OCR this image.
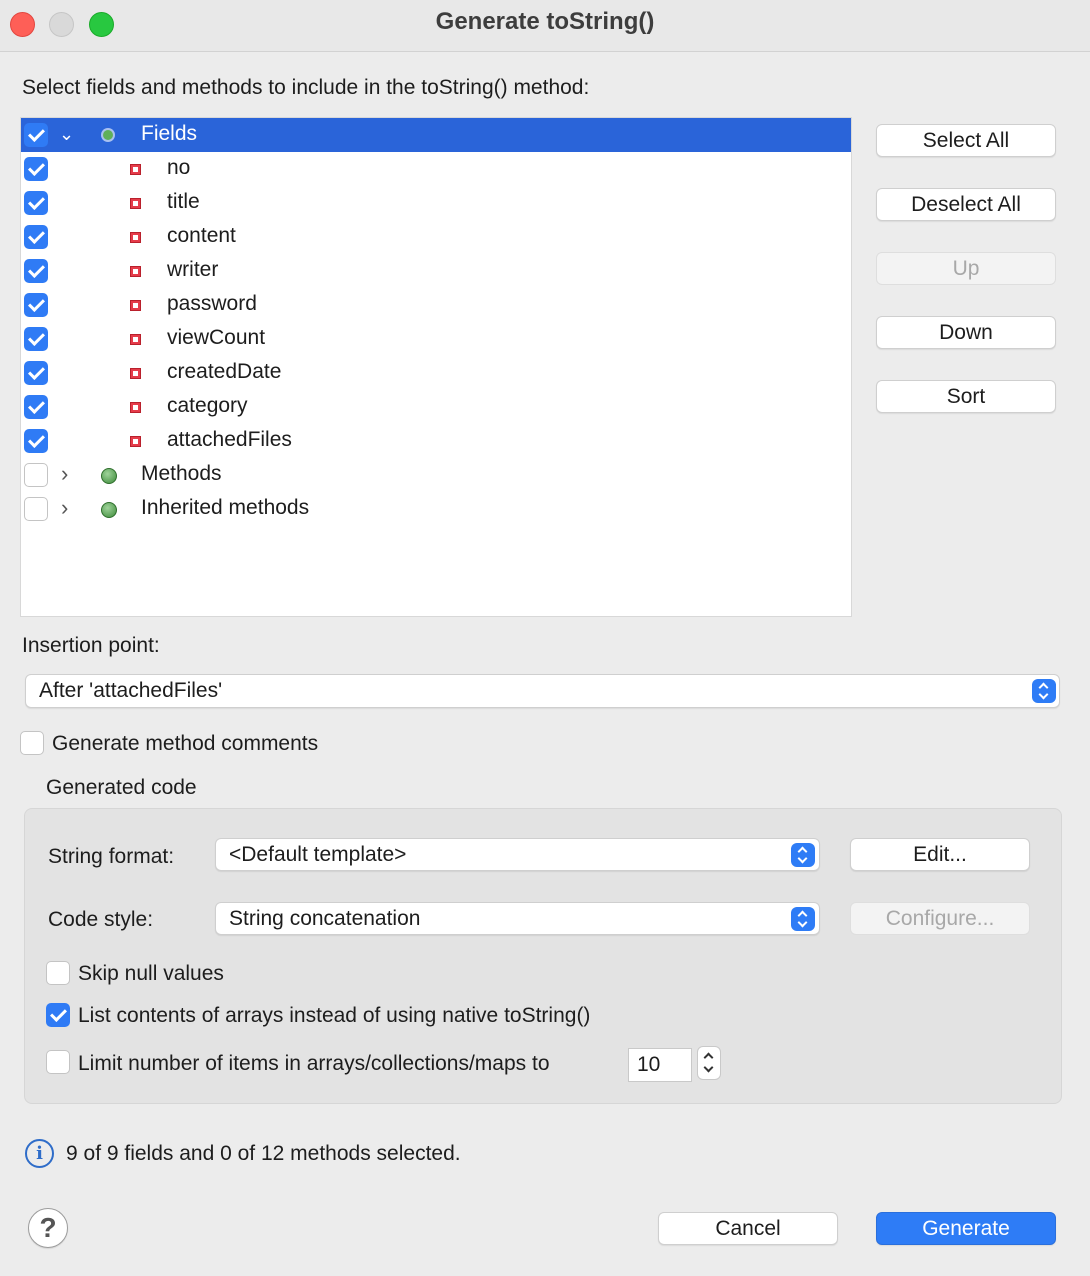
Generate toString()
Select fields and methods to include in the toString() method:
⌄	Fields
no
title
content
writer
password
viewCount
createdDate
category
attachedFiles
›	Methods
›	Inherited methods
Select All
Deselect All
Up
Down
Sort
Insertion point:
After 'attachedFiles'
Generate method comments
Generated code
String format:	<Default template>	Edit...
Code style:	String concatenation	Configure...
Skip null values
List contents of arrays instead of using native toString()
Limit number of items in arrays/collections/maps to	10
i	9 of 9 fields and 0 of 12 methods selected.
?	Cancel	Generate
